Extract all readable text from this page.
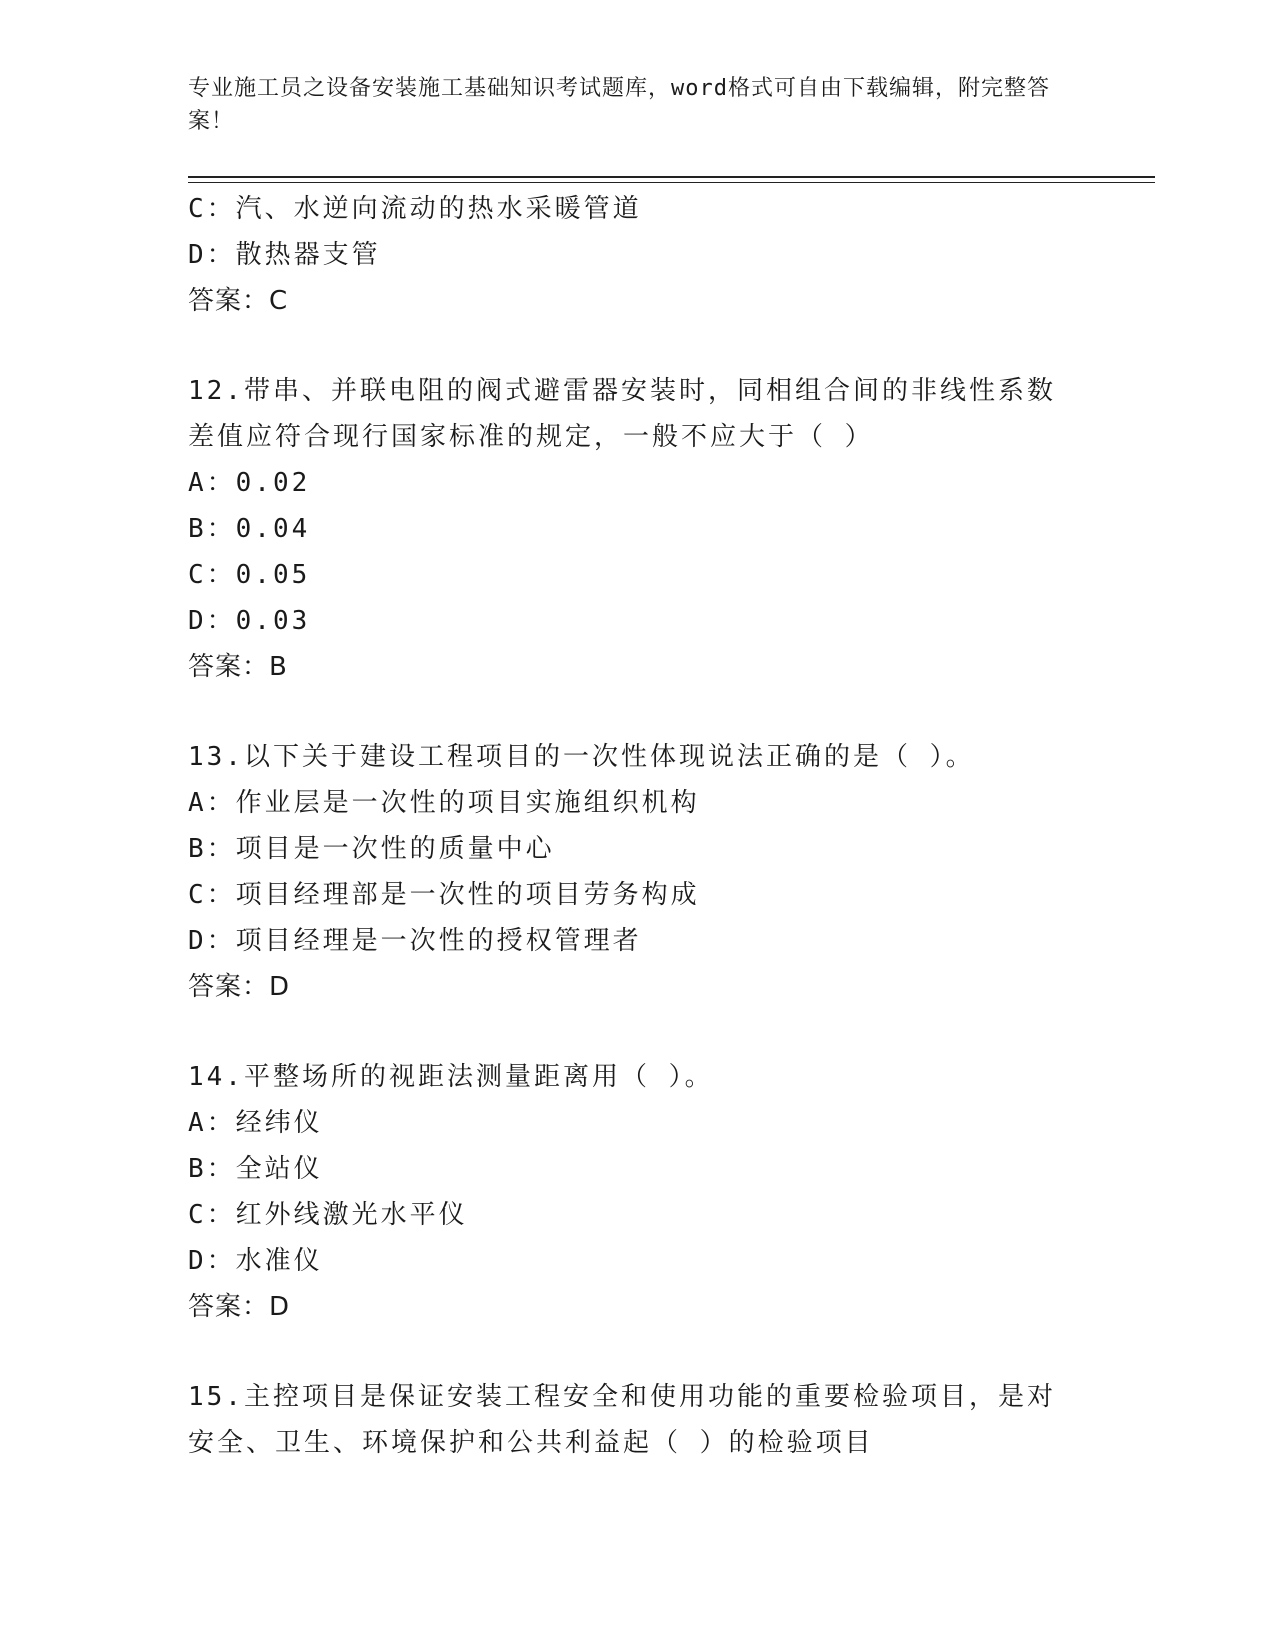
专业施工员之设备安装施工基础知识考试题库，word格式可自由下载编辑，附完整答案！
C：汽、水逆向流动的热水采暖管道
D：散热器支管
答案：C
12.带串、并联电阻的阀式避雷器安装时，同相组合间的非线性系数差值应符合现行国家标准的规定，一般不应大于（ ）
A：0.02
B：0.04
C：0.05
D：0.03
答案：B
13.以下关于建设工程项目的一次性体现说法正确的是（ ）。
A：作业层是一次性的项目实施组织机构
B：项目是一次性的质量中心
C：项目经理部是一次性的项目劳务构成
D：项目经理是一次性的授权管理者
答案：D
14.平整场所的视距法测量距离用（ ）。
A：经纬仪
B：全站仪
C：红外线激光水平仪
D：水准仪
答案：D
15.主控项目是保证安装工程安全和使用功能的重要检验项目，是对安全、卫生、环境保护和公共利益起（ ）的检验项目
